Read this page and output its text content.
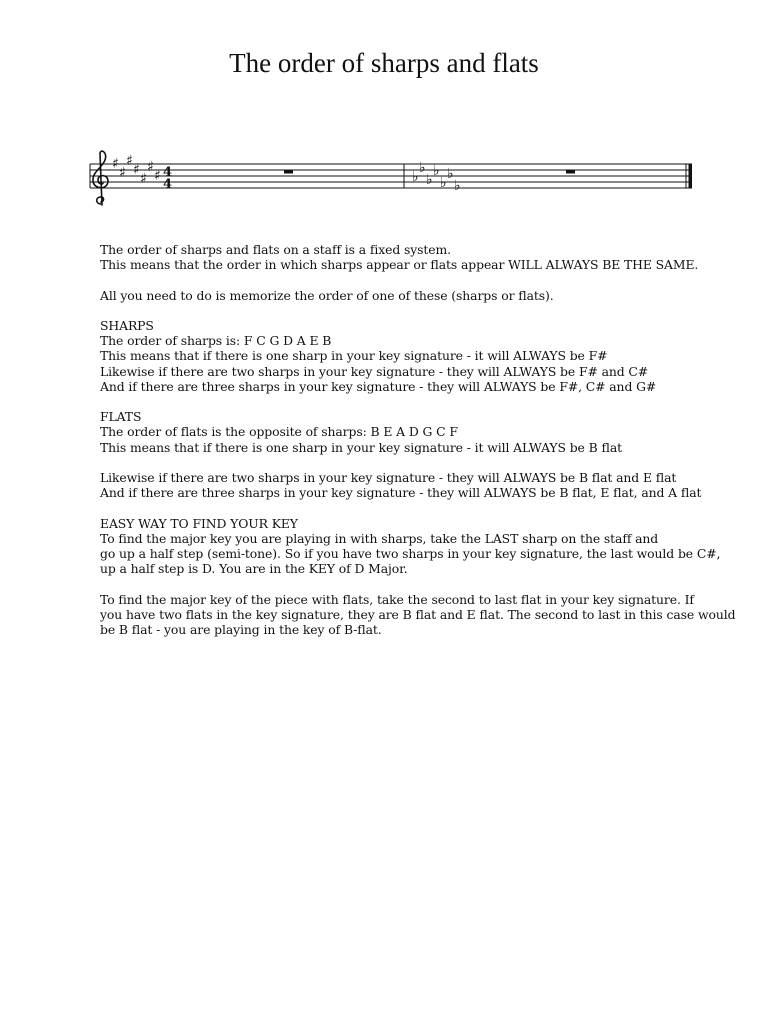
The order of sharps and flats
♯
♯
♯
♯
♯
♯
♯ 4
4	♭
♭
♭
♭
♭
♭
♭

The order of sharps and flats on a staff is a fixed system.
This means that the order in which sharps appear or flats appear WILL ALWAYS BE THE SAME.

All you need to do is memorize the order of one of these (sharps or flats).

SHARPS
The order of sharps is: F C G D A E B
This means that if there is one sharp in your key signature - it will ALWAYS be F#
Likewise if there are two sharps in your key signature - they will ALWAYS be F# and C#
And if there are three sharps in your key signature - they will ALWAYS be F#, C# and G#

FLATS
The order of flats is the opposite of sharps: B E A D G C F
This means that if there is one sharp in your key signature - it will ALWAYS be B flat

Likewise if there are two sharps in your key signature - they will ALWAYS be B flat and E flat
And if there are three sharps in your key signature - they will ALWAYS be B flat, E flat, and A flat

EASY WAY TO FIND YOUR KEY
To find the major key you are playing in with sharps, take the LAST sharp on the staff and
go up a half step (semi-tone). So if you have two sharps in your key signature, the last would be C#,
up a half step is D. You are in the KEY of D Major.

To find the major key of the piece with flats, take the second to last flat in your key signature. If
you have two flats in the key signature, they are B flat and E flat. The second to last in this case would
be B flat - you are playing in the key of B-flat.
